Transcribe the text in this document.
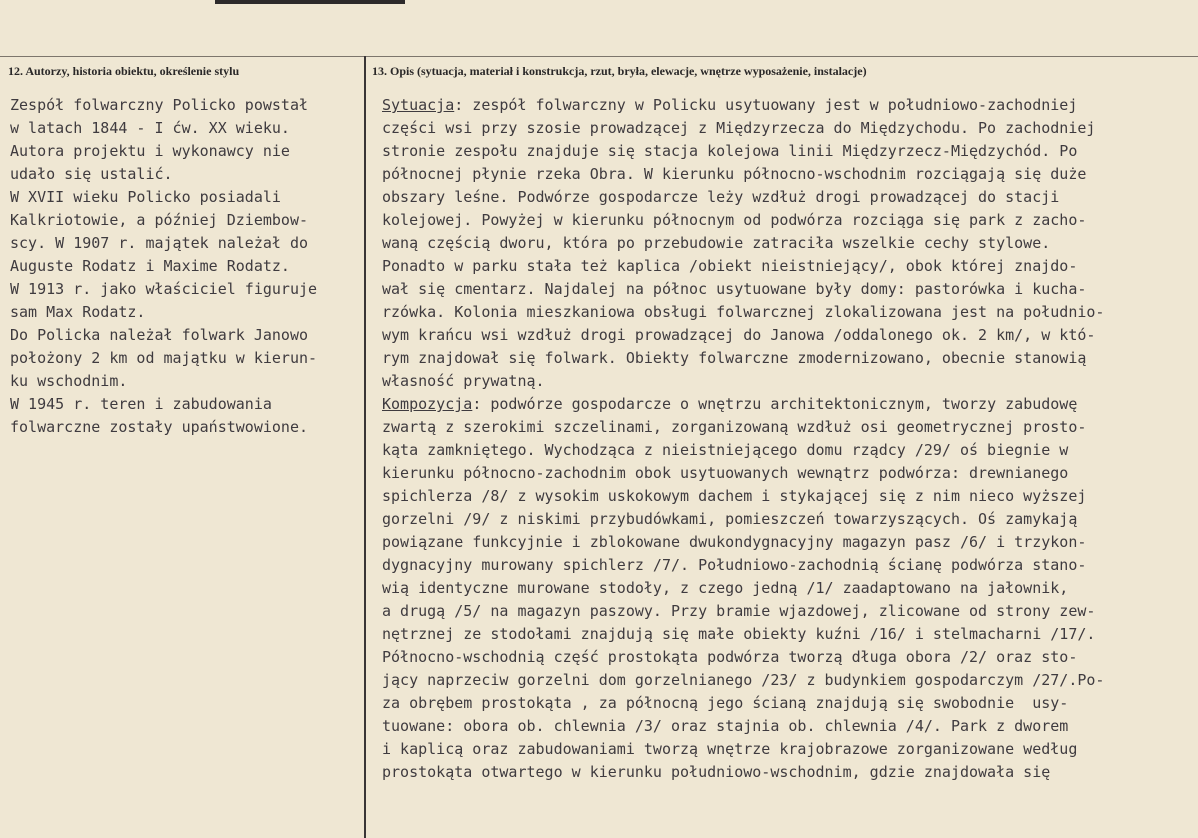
12. Autorzy, historia obiektu, określenie stylu	13. Opis (sytuacja, materiał i konstrukcja, rzut, bryła, elewacje, wnętrze wyposażenie, instalacje)
Zespół folwarczny Policko powstał
w latach 1844 - I ćw. XX wieku.
Autora projektu i wykonawcy nie
udało się ustalić.
W XVII wieku Policko posiadali
Kalkriotowie, a później Dziembow-
scy. W 1907 r. majątek należał do
Auguste Rodatz i Maxime Rodatz.
W 1913 r. jako właściciel figuruje
sam Max Rodatz.
Do Policka należał folwark Janowo
położony 2 km od majątku w kierun-
ku wschodnim.
W 1945 r. teren i zabudowania
folwarczne zostały upaństwowione.
Sytuacja: zespół folwarczny w Policku usytuowany jest w południowo-zachodniej
części wsi przy szosie prowadzącej z Międzyrzecza do Międzychodu. Po zachodniej
stronie zespołu znajduje się stacja kolejowa linii Międzyrzecz-Międzychód. Po
północnej płynie rzeka Obra. W kierunku północno-wschodnim rozciągają się duże
obszary leśne. Podwórze gospodarcze leży wzdłuż drogi prowadzącej do stacji
kolejowej. Powyżej w kierunku północnym od podwórza rozciąga się park z zacho-
waną częścią dworu, która po przebudowie zatraciła wszelkie cechy stylowe.
Ponadto w parku stała też kaplica /obiekt nieistniejący/, obok której znajdo-
wał się cmentarz. Najdalej na północ usytuowane były domy: pastorówka i kucha-
rzówka. Kolonia mieszkaniowa obsługi folwarcznej zlokalizowana jest na południo-
wym krańcu wsi wzdłuż drogi prowadzącej do Janowa /oddalonego ok. 2 km/, w któ-
rym znajdował się folwark. Obiekty folwarczne zmodernizowano, obecnie stanowią
własność prywatną.
Kompozycja: podwórze gospodarcze o wnętrzu architektonicznym, tworzy zabudowę
zwartą z szerokimi szczelinami, zorganizowaną wzdłuż osi geometrycznej prosto-
kąta zamkniętego. Wychodząca z nieistniejącego domu rządcy /29/ oś biegnie w
kierunku północno-zachodnim obok usytuowanych wewnątrz podwórza: drewnianego
spichlerza /8/ z wysokim uskokowym dachem i stykającej się z nim nieco wyższej
gorzelni /9/ z niskimi przybudówkami, pomieszczeń towarzyszących. Oś zamykają
powiązane funkcyjnie i zblokowane dwukondygnacyjny magazyn pasz /6/ i trzykon-
dygnacyjny murowany spichlerz /7/. Południowo-zachodnią ścianę podwórza stano-
wią identyczne murowane stodoły, z czego jedną /1/ zaadaptowano na jałownik,
a drugą /5/ na magazyn paszowy. Przy bramie wjazdowej, zlicowane od strony zew-
nętrznej ze stodołami znajdują się małe obiekty kuźni /16/ i stelmacharni /17/.
Północno-wschodnią część prostokąta podwórza tworzą długa obora /2/ oraz sto-
jący naprzeciw gorzelni dom gorzelnianego /23/ z budynkiem gospodarczym /27/.Po-
za obrębem prostokąta , za północną jego ścianą znajdują się swobodnie  usy-
tuowane: obora ob. chlewnia /3/ oraz stajnia ob. chlewnia /4/. Park z dworem
i kaplicą oraz zabudowaniami tworzą wnętrze krajobrazowe zorganizowane według
prostokąta otwartego w kierunku południowo-wschodnim, gdzie znajdowała się
